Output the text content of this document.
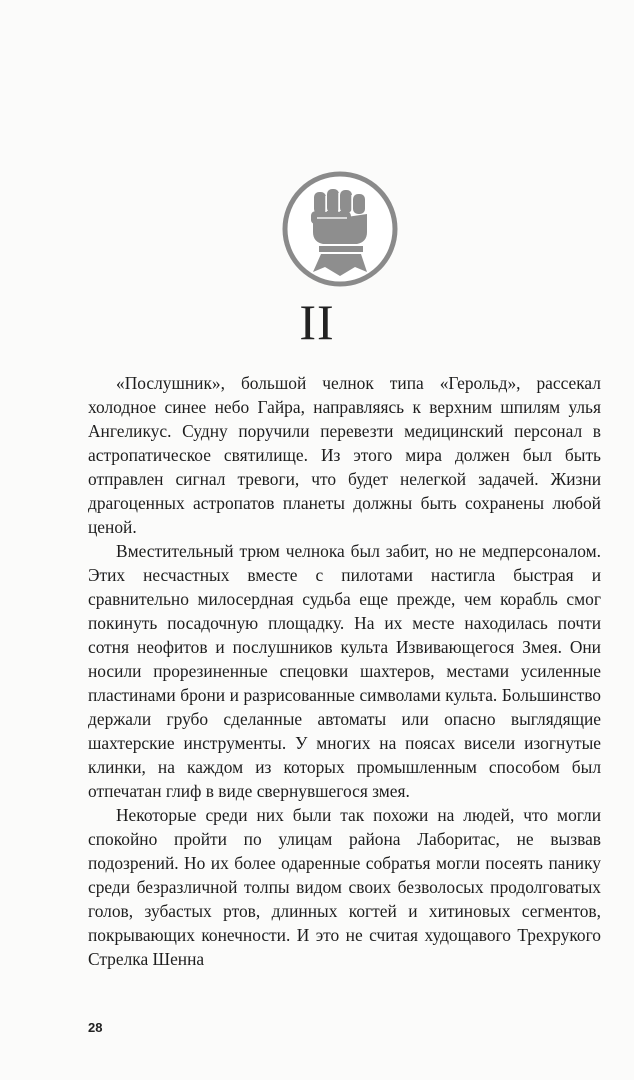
II

«Послушник», большой челнок типа «Герольд», рассекал холодное синее небо Гайра, направляясь к верхним шпилям улья Ангеликус. Судну поручили перевезти медицинский персонал в астропатическое святилище. Из этого мира должен был быть отправлен сигнал тревоги, что будет нелегкой задачей. Жизни драгоценных астропатов планеты должны быть сохранены любой ценой.

Вместительный трюм челнока был забит, но не медперсоналом. Этих несчастных вместе с пилотами настигла быстрая и сравнительно милосердная судьба еще прежде, чем корабль смог покинуть посадочную площадку. На их месте находилась почти сотня неофитов и послушников культа Извивающегося Змея. Они носили прорезиненные спецовки шахтеров, местами усиленные пластинами брони и разрисованные символами культа. Большинство держали грубо сделанные автоматы или опасно выглядящие шахтерские инструменты. У многих на поясах висели изогнутые клинки, на каждом из которых промышленным способом был отпечатан глиф в виде свернувшегося змея.

Некоторые среди них были так похожи на людей, что могли спокойно пройти по улицам района Лаборитас, не вызвав подозрений. Но их более одаренные собратья могли посеять панику среди безразличной толпы видом своих безволосых продолговатых голов, зубастых ртов, длинных когтей и хитиновых сегментов, покрывающих конечности. И это не считая худощавого Трехрукого Стрелка Шенна

28
